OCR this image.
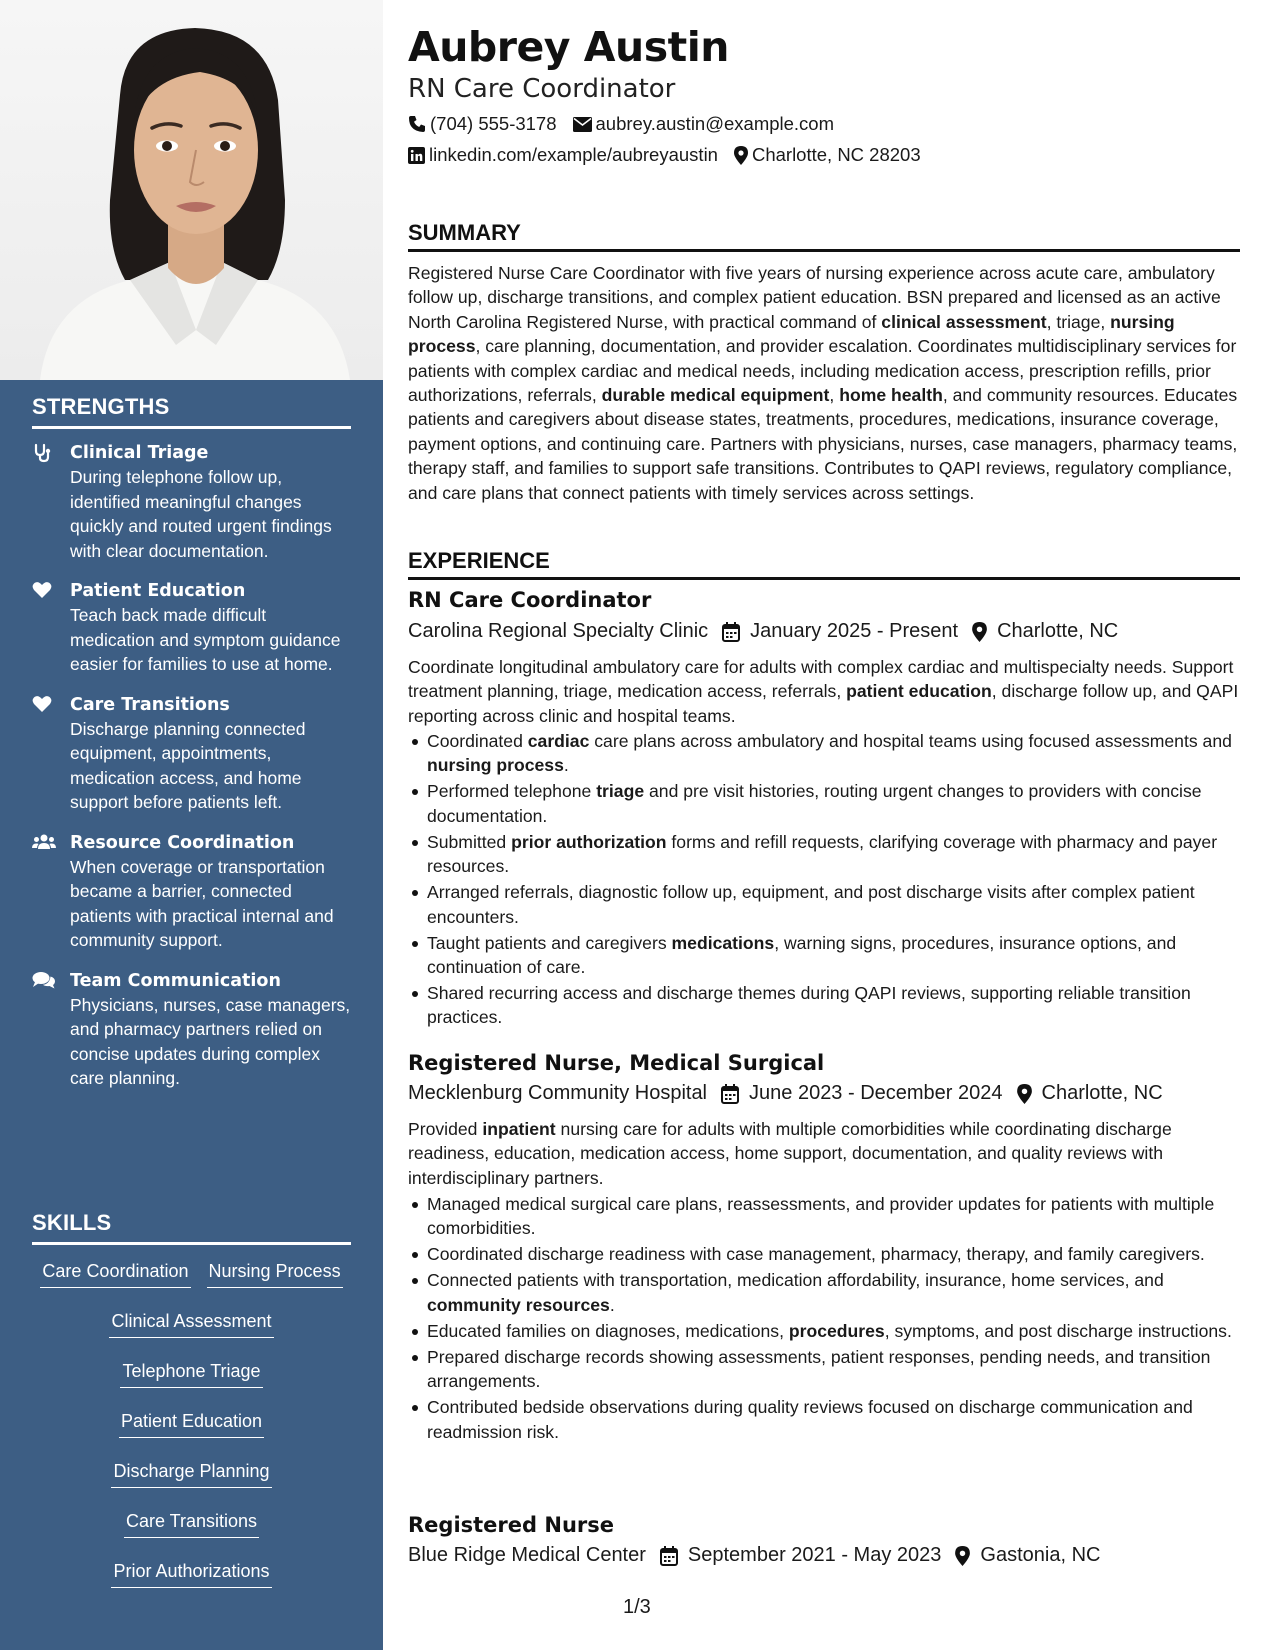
STRENGTHS
Clinical Triage
During telephone follow up, identified meaningful changes quickly and routed urgent findings with clear documentation.
Patient Education
Teach back made difficult medication and symptom guidance easier for families to use at home.
Care Transitions
Discharge planning connected equipment, appointments, medication access, and home support before patients left.
Resource Coordination
When coverage or transportation became a barrier, connected patients with practical internal and community support.
Team Communication
Physicians, nurses, case managers, and pharmacy partners relied on concise updates during complex care planning.
SKILLS
Care Coordination Nursing Process
Clinical Assessment
Telephone Triage
Patient Education
Discharge Planning
Care Transitions
Prior Authorizations
Aubrey Austin
RN Care Coordinator
(704) 555-3178 aubrey.austin@example.com
linkedin.com/example/aubreyaustin Charlotte, NC 28203
SUMMARY
Registered Nurse Care Coordinator with five years of nursing experience across acute care, ambulatory follow up, discharge transitions, and complex patient education. BSN prepared and licensed as an active North Carolina Registered Nurse, with practical command of clinical assessment, triage, nursing process, care planning, documentation, and provider escalation. Coordinates multidisciplinary services for patients with complex cardiac and medical needs, including medication access, prescription refills, prior authorizations, referrals, durable medical equipment, home health, and community resources. Educates patients and caregivers about disease states, treatments, procedures, medications, insurance coverage, payment options, and continuing care. Partners with physicians, nurses, case managers, pharmacy teams, therapy staff, and families to support safe transitions. Contributes to QAPI reviews, regulatory compliance, and care plans that connect patients with timely services across settings.
EXPERIENCE
RN Care Coordinator
Carolina Regional Specialty Clinic January 2025 - Present Charlotte, NC
Coordinate longitudinal ambulatory care for adults with complex cardiac and multispecialty needs. Support treatment planning, triage, medication access, referrals, patient education, discharge follow up, and QAPI reporting across clinic and hospital teams.
Coordinated cardiac care plans across ambulatory and hospital teams using focused assessments and nursing process.
Performed telephone triage and pre visit histories, routing urgent changes to providers with concise documentation.
Submitted prior authorization forms and refill requests, clarifying coverage with pharmacy and payer resources.
Arranged referrals, diagnostic follow up, equipment, and post discharge visits after complex patient encounters.
Taught patients and caregivers medications, warning signs, procedures, insurance options, and continuation of care.
Shared recurring access and discharge themes during QAPI reviews, supporting reliable transition practices.
Registered Nurse, Medical Surgical
Mecklenburg Community Hospital June 2023 - December 2024 Charlotte, NC
Provided inpatient nursing care for adults with multiple comorbidities while coordinating discharge readiness, education, medication access, home support, documentation, and quality reviews with interdisciplinary partners.
Managed medical surgical care plans, reassessments, and provider updates for patients with multiple comorbidities.
Coordinated discharge readiness with case management, pharmacy, therapy, and family caregivers.
Connected patients with transportation, medication affordability, insurance, home services, and community resources.
Educated families on diagnoses, medications, procedures, symptoms, and post discharge instructions.
Prepared discharge records showing assessments, patient responses, pending needs, and transition arrangements.
Contributed bedside observations during quality reviews focused on discharge communication and readmission risk.
Registered Nurse
Blue Ridge Medical Center September 2021 - May 2023 Gastonia, NC
1/3
